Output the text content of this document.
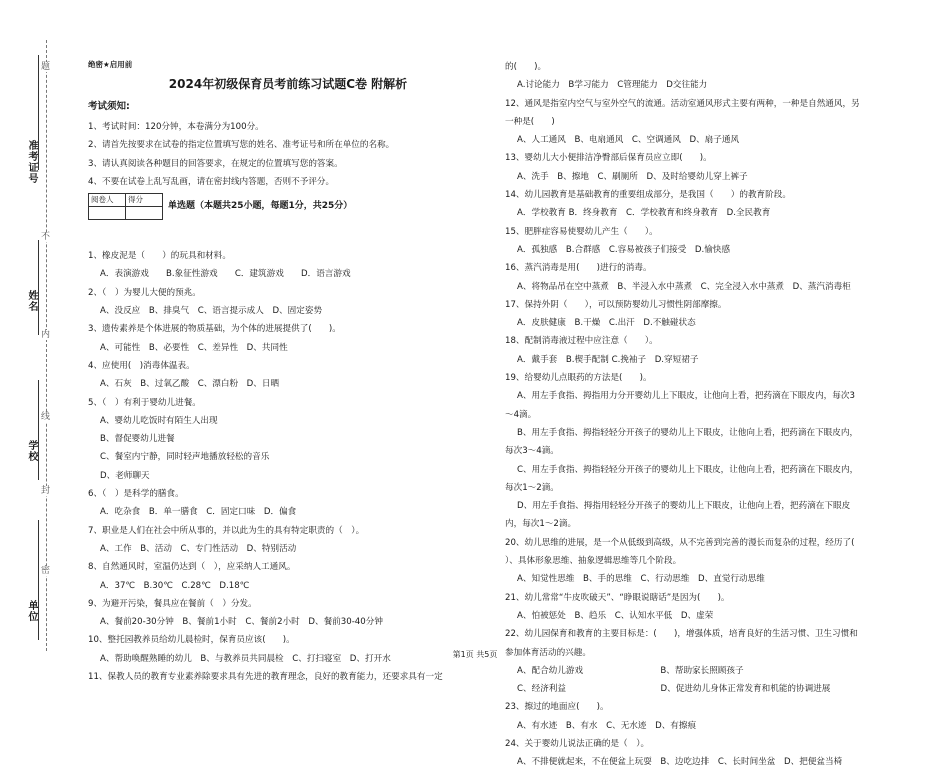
准考证号
姓名
学校
单位
题
不
内
线
封
密

绝密★启用前

2024年初级保育员考前练习试题C卷 附解析

考试须知:

1、考试时间：120分钟，本卷满分为100分。

2、请首先按要求在试卷的指定位置填写您的姓名、准考证号和所在单位的名称。

3、请认真阅读各种题目的回答要求，在规定的位置填写您的答案。

4、不要在试卷上乱写乱画，请在密封线内答题，否则不予评分。

阅卷人	得分

单选题（本题共25小题，每题1分，共25分）

1、橡皮泥是（　　）的玩具和材料。

A．表演游戏　　B.象征性游戏　　C．建筑游戏　　D．语言游戏

2、（　）为婴儿大便的预兆。

A、没反应　B、排臭气　C、语言提示成人　D、固定姿势

3、遗传素养是个体进展的物质基础，为个体的进展提供了(　　)。

A、可能性　B、必要性　C、差异性　D、共同性

4、应使用(　)消毒体温表。

A、石灰　B、过氧乙酸　C、漂白粉　D、日晒

5、（　）有利于婴幼儿进餐。

A、婴幼儿吃饭时有陌生人出现

B、督促婴幼儿进餐

C、餐室内宁静，同时轻声地播放轻松的音乐

D、老师聊天

6、（　）是科学的膳食。

A．吃杂食　B．单一膳食　C．固定口味　D．偏食

7、职业是人们在社会中所从事的，并以此为生的具有特定职责的（　）。

A、工作　B、活动　C、专门性活动　D、特别活动

8、自然通风时，室温仍达到（　），应采纳人工通风。

A．37℃　B.30℃　C.28℃　D.18℃

9、为避开污染，餐具应在餐前（　）分发。

A、餐前20-30分钟　B、餐前1小时　C、餐前2小时　D、餐前30-40分钟

10、整托园教养员给幼儿晨检时，保育员应该(　　)。

A、帮助唤醒熟睡的幼儿　B、与教养员共同晨检　C、打扫寝室　D、打开水

11、保教人员的教育专业素养除要求具有先进的教育理念，良好的教育能力，还要求具有一定

的(　　)。

A.讨论能力　B学习能力　C管理能力　D交往能力

12、通风是指室内空气与室外空气的流通。活动室通风形式主要有两种，一种是自然通风，另

一种是(　　)

A、人工通风　B、电扇通风　C、空调通风　D、扇子通风

13、婴幼儿大小便排洁净臀部后保育员应立即(　　)。

A、洗手　B、擦地　C、刷厕所　D、及时给婴幼儿穿上裤子

14、幼儿园教育是基础教育的重要组成部分，是我国（　　）的教育阶段。

A．学校教育 B．终身教育　C．学校教育和终身教育　D.全民教育

15、肥胖症容易使婴幼儿产生（　　）。

A．孤独感　B.合群感　C.容易被孩子们接受　D.愉快感

16、蒸汽消毒是用(　　)进行的消毒。

A、将物品吊在空中蒸煮　B、半浸入水中蒸煮　C、完全浸入水中蒸煮　D、蒸汽消毒柜

17、保持外阴（　　），可以预防婴幼儿习惯性阴部摩擦。

A．皮肤健康　B.干燥　C.出汗　D.不触碰状态

18、配制消毒液过程中应注意（　　）。

A．戴手套　B.楔手配制 C.挽袖子　D.穿短裙子

19、给婴幼儿点眼药的方法是(　　)。

A、用左手食指、拇指用力分开婴幼儿上下眼皮，让他向上看，把药滴在下眼皮内，每次3

～4滴。

B、用左手食指、拇指轻轻分开孩子的婴幼儿上下眼皮，让他向上看，把药滴在下眼皮内，

每次3～4滴。

C、用左手食指、拇指轻轻分开孩子的婴幼儿上下眼皮，让他向上看，把药滴在下眼皮内，

每次1～2滴。

D、用左手食指、拇指用轻轻分开孩子的婴幼儿上下眼皮，让他向上看，把药滴在下眼皮

内，每次1～2滴。

20、幼儿思维的进展，是一个从低级到高级，从不完善到完善的漫长而复杂的过程，经历了(

）、具体形象思维、抽象逻辑思维等几个阶段。

A、知觉性思维　B、手的思维　C、行动思维　D、直觉行动思维

21、幼儿常常“牛皮吹破天”、“睁眼说瞎话”是因为(　　)。

A、怕被惩处　B、趋乐　C、认知水平低　D、虚荣

22、幼儿园保育和教育的主要目标是：(　　)，增强体质，培育良好的生活习惯、卫生习惯和

参加体育活动的兴趣。

A、配合幼儿游戏　　　　　　　　　B、帮助家长照顾孩子

C、经济利益　　　　　　　　　　　D、促进幼儿身体正常发育和机能的协调进展

23、擦过的地面应(　　)。

A、有水迹　B、有水　C、无水迹　D、有擦痕

24、关于婴幼儿说法正确的是（　）。

A、不排便就起来，不在便盆上玩耍　B、边吃边排　C、长时间坐盆　D、把便盆当椅

第1页 共5页
